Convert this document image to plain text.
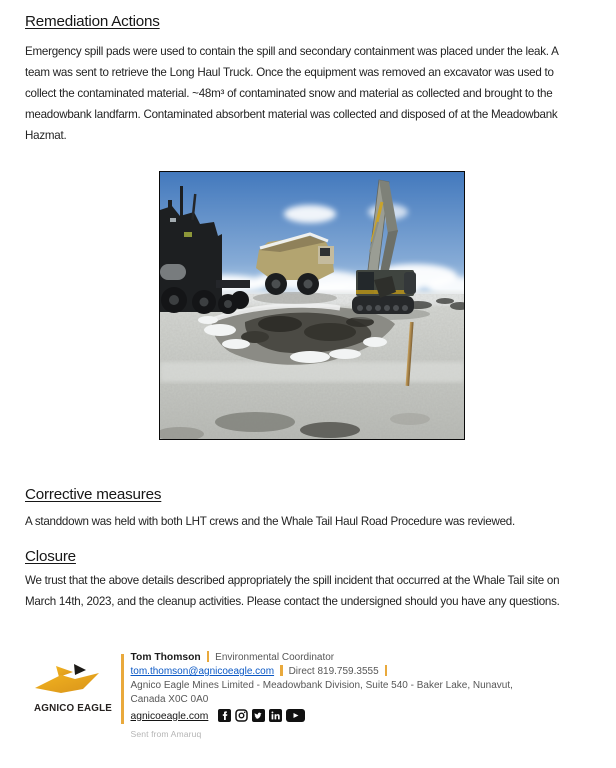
Remediation Actions
Emergency spill pads were used to contain the spill and secondary containment was placed under the leak. A
team was sent to retrieve the Long Haul Truck. Once the equipment was removed an excavator was used to
collect the contaminated material. ~48m³ of contaminated snow and material as collected and brought to the
meadowbank landfarm. Contaminated absorbent material was collected and disposed of at the Meadowbank
Hazmat.
Corrective measures
A standdown was held with both LHT crews and the Whale Tail Haul Road Procedure was reviewed.
Closure
We trust that the above details described appropriately the spill incident that occurred at the Whale Tail site on
March 14th, 2023, and the cleanup activities. Please contact the undersigned should you have any questions.
AGNICO EAGLE
Tom Thomson Environmental Coordinator
tom.thomson@agnicoeagle.com Direct 819.759.3555
Agnico Eagle Mines Limited - Meadowbank Division, Suite 540 - Baker Lake, Nunavut,
Canada X0C 0A0
agnicoeagle.com
Sent from Amaruq
